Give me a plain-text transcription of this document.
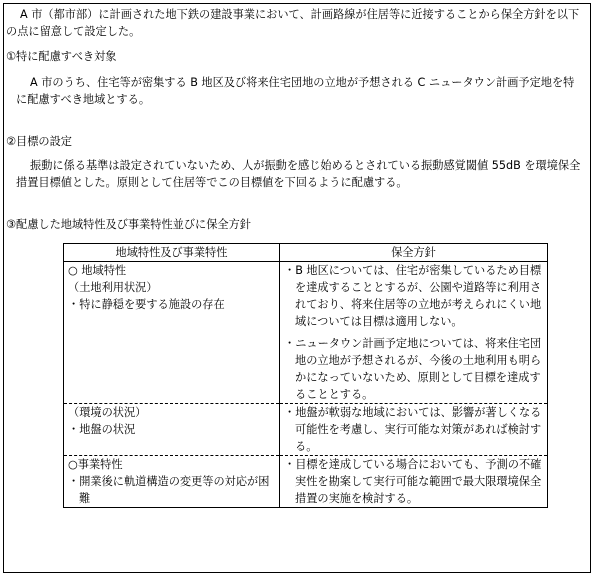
A 市（都市部）に計画された地下鉄の建設事業において、計画路線が住居等に近接することから保全方針を以下の点に留意して設定した。
①特に配慮すべき対象
A 市のうち、住宅等が密集する B 地区及び将来住宅団地の立地が予想される C ニュータウン計画予定地を特に配慮すべき地域とする。
②目標の設定
振動に係る基準は設定されていないため、人が振動を感じ始めるとされている振動感覚閾値 55dB を環境保全措置目標値とした。原則として住居等でこの目標値を下回るように配慮する。
③配慮した地域特性及び事業特性並びに保全方針
地域特性及び事業特性	保全方針

○ 地域特性
（土地利用状況）
・特に静穏を要する施設の存在	・B 地区については、住宅が密集しているため目標を達成することとするが、公園や道路等に利用されており、将来住居等の立地が考えられにくい地域については目標は適用しない。
・ニュータウン計画予定地については、将来住宅団地の立地が予想されるが、今後の土地利用も明らかになっていないため、原則として目標を達成することとする。

（環境の状況）
・地盤の状況	・地盤が軟弱な地域においては、影響が著しくなる可能性を考慮し、実行可能な対策があれば検討する。

○事業特性
・開業後に軌道構造の変更等の対応が困難	・目標を達成している場合においても、予測の不確実性を勘案して実行可能な範囲で最大限環境保全措置の実施を検討する。
